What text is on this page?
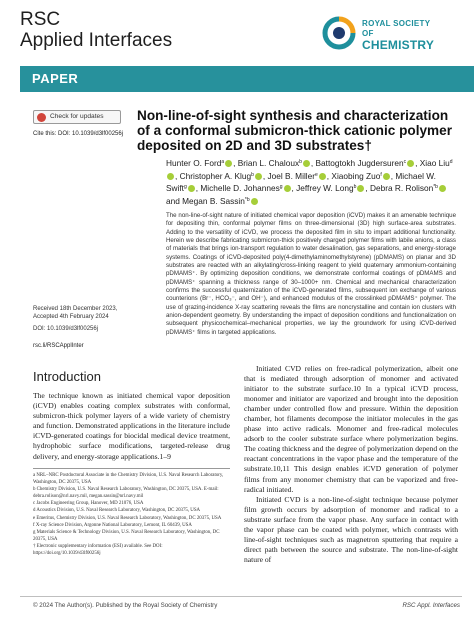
RSC
Applied Interfaces
ROYAL SOCIETY
OF
CHEMISTRY
PAPER
Check for updates
Cite this: DOI: 10.1039/d3lf00256j
Received 18th December 2023,
Accepted 4th February 2024
DOI: 10.1039/d3lf00256j
rsc.li/RSCApplInter
Non-line-of-sight synthesis and characterization of a conformal submicron-thick cationic polymer deposited on 2D and 3D substrates†
Hunter O. Ford$^a$ , Brian L. Chaloux$^b$ , Battogtokh Jugdersuren$^c$ , Xiao Liu$^d$, Christopher A. Klug$^b$ , Joel B. Miller$^e$ , Xiaobing Zuo$^f$ , Michael W. Swift$^g$ , Michelle D. Johannes$^g$ , Jeffrey W. Long$^b$ , Debra R. Rolison$^{*b}$ and Megan B. Sassin$^{*b}$
The non-line-of-sight nature of initiated chemical vapor deposition (iCVD) makes it an amenable technique for depositing thin, conformal polymer films on three-dimensional (3D) high surface-area substrates. Adding to the versatility of iCVD, we process the deposited film in situ to impart additional functionality. Herein we describe fabricating submicron-thick positively charged polymer films with labile anions, a class of materials that brings ion-transport regulation to water desalination, gas separations, and energy-storage systems. Coatings of iCVD-deposited poly(4-dimethylaminomethylstyrene) (pDMAMS) on planar and 3D substrates are reacted with an alkylating/cross-linking reagent to yield quaternary ammonium-containing pDMAMS⁺. By optimizing deposition conditions, we demonstrate conformal coatings of pDMAMS and pDMAMS⁺ spanning a thickness range of 30–1000+ nm. Chemical and mechanical characterization confirms the successful quaternization of the iCVD-generated films, subsequent ion exchange of various counterions (Br⁻, HCO₃⁻, and OH⁻), and enhanced modulus of the crosslinked pDMAMS⁺ polymer. The use of grazing-incidence X-ray scattering reveals the films are noncrystalline and contain ion clusters with anion-dependent geometry. By understanding the impact of deposition conditions and functionalization on subsequent physicochemical–mechanical properties, we lay the groundwork for using iCVD-derived pDMAMS⁺ films in targeted applications.
Introduction
The technique known as initiated chemical vapor deposition (iCVD) enables coating complex substrates with conformal, submicron-thick polymer layers of a wide variety of chemistry and function. Demonstrated applications in the literature include iCVD-generated coatings for biocidal medical device treatment, hydrophobic surface modifications, targeted-release drug delivery, and energy-storage applications.1–9
a NRL–NRC Postdoctoral Associate in the Chemistry Division, U.S. Naval Research Laboratory, Washington, DC 20375, USA
b Chemistry Division, U.S. Naval Research Laboratory, Washington, DC 20375, USA. E-mail: debra.rolison@nrl.navy.mil, megan.sassin@nrl.navy.mil
c Jacobs Engineering Group, Hanover, MD 21076, USA
d Acoustics Division, U.S. Naval Research Laboratory, Washington, DC 20375, USA
e Emeritus, Chemistry Division, U.S. Naval Research Laboratory, Washington, DC 20375, USA
f X-ray Science Division, Argonne National Laboratory, Lemont, IL 60439, USA
g Materials Science & Technology Division, U.S. Naval Research Laboratory, Washington, DC 20375, USA
† Electronic supplementary information (ESI) available. See DOI: https://doi.org/10.1039/d3lf00256j

Initiated CVD relies on free-radical polymerization, albeit one that is mediated through adsorption of monomer and activated initiator to the substrate surface.10 In a typical iCVD process, monomer and initiator are vaporized and brought into the deposition chamber under controlled flow and pressure. Within the deposition chamber, hot filaments decompose the initiator molecules in the gas phase into active radicals. Monomer and free-radical molecules adsorb to the cooler substrate surface where polymerization begins. The coating thickness and the degree of polymerization depend on the reactant concentrations in the vapor phase and the temperature of the substrate.10,11 This design enables iCVD generation of polymer films from any monomer chemistry that can be vaporized and free-radical initiated.

Initiated CVD is a non-line-of-sight technique because polymer film growth occurs by adsorption of monomer and radical to a substrate surface from the vapor phase. Any surface in contact with the vapor phase can be coated with polymer, which contrasts with line-of-sight techniques such as magnetron sputtering that require a direct path between the source and substrate. The non-line-of-sight nature of

© 2024 The Author(s). Published by the Royal Society of Chemistry	RSC Appl. Interfaces
